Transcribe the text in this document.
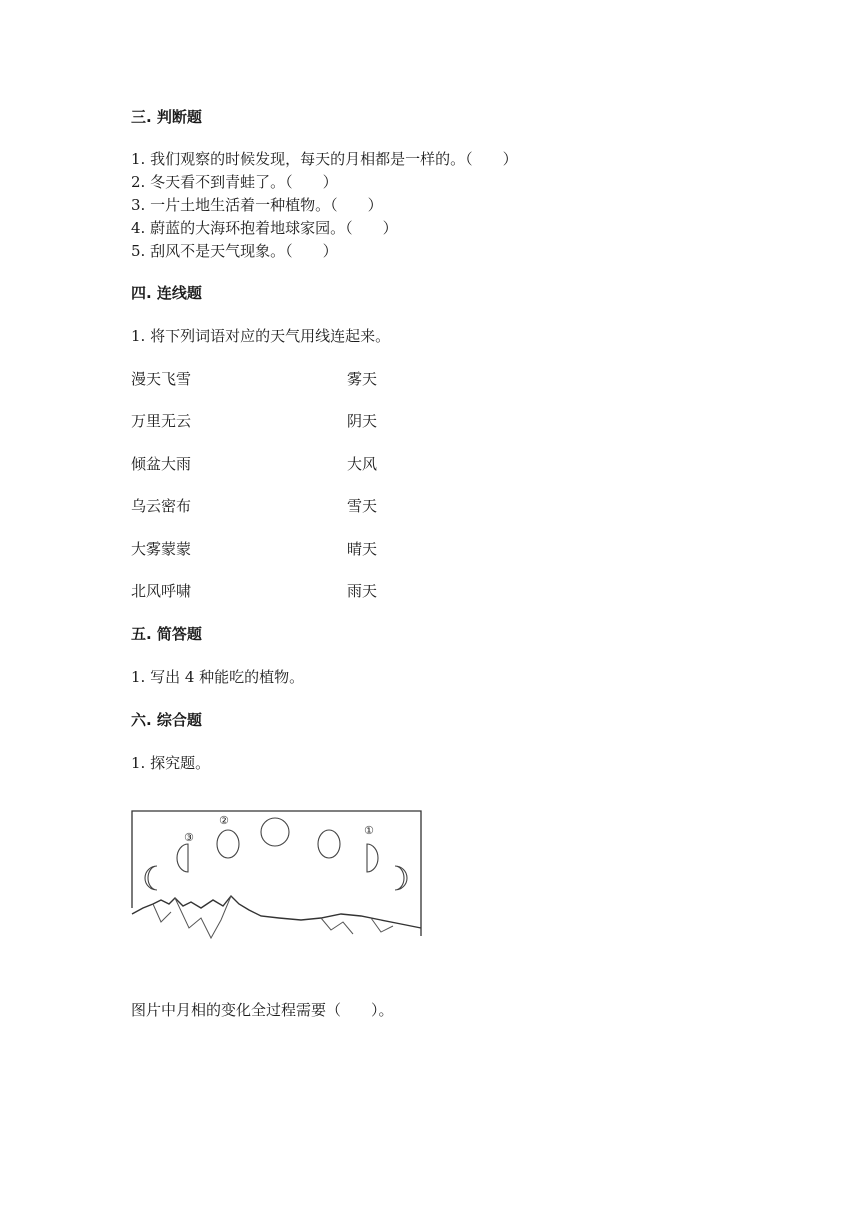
三. 判断题
1. 我们观察的时候发现，每天的月相都是一样的。（　　）
2. 冬天看不到青蛙了。（　　）
3. 一片土地生活着一种植物。（　　）
4. 蔚蓝的大海环抱着地球家园。（　　）
5. 刮风不是天气现象。（　　）
四. 连线题
1. 将下列词语对应的天气用线连起来。
漫天飞雪	雾天
万里无云	阴天
倾盆大雨	大风
乌云密布	雪天
大雾蒙蒙	晴天
北风呼啸	雨天
五. 简答题
1. 写出 4 种能吃的植物。
六. 综合题
1. 探究题。
③
②
①
图片中月相的变化全过程需要（　　）。
